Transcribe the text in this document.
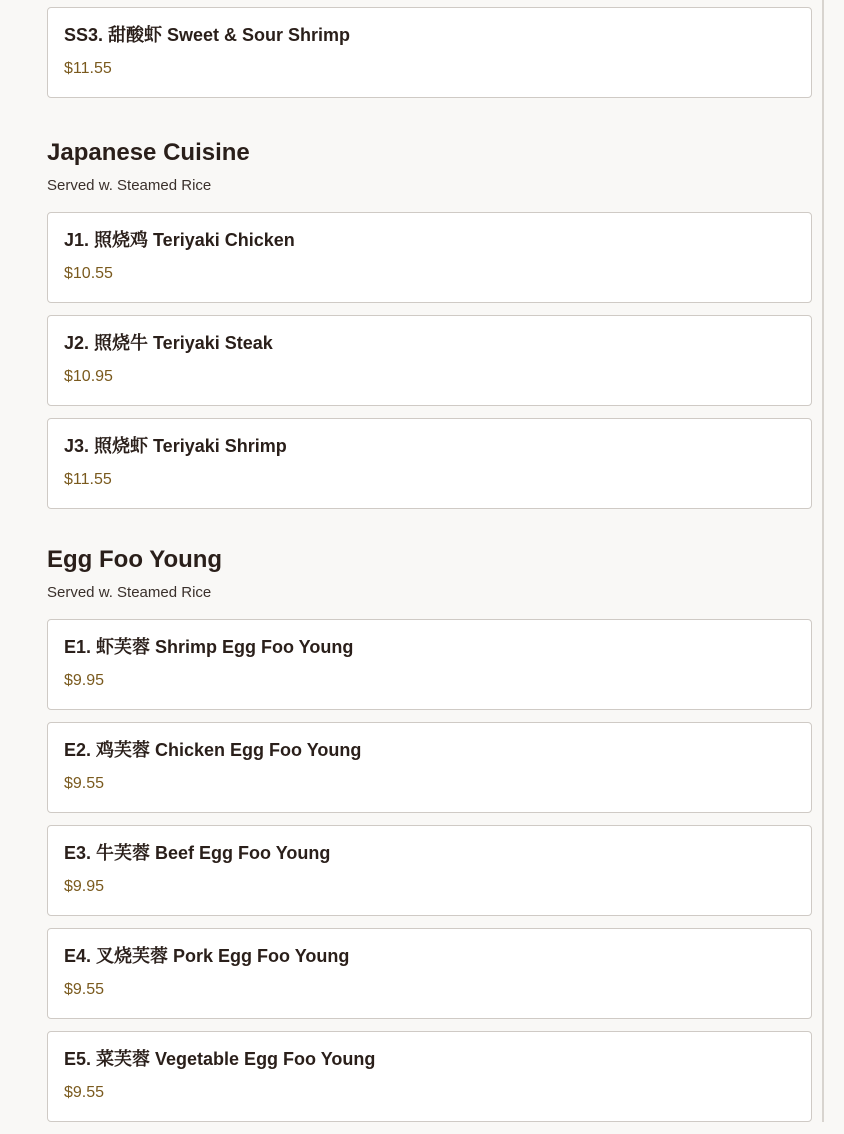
SS3. 甜酸虾 Sweet & Sour Shrimp
$11.55
Japanese Cuisine
Served w. Steamed Rice
J1. 照烧鸡 Teriyaki Chicken
$10.55
J2. 照烧牛 Teriyaki Steak
$10.95
J3. 照烧虾 Teriyaki Shrimp
$11.55
Egg Foo Young
Served w. Steamed Rice
E1. 虾芙蓉 Shrimp Egg Foo Young
$9.95
E2. 鸡芙蓉 Chicken Egg Foo Young
$9.55
E3. 牛芙蓉 Beef Egg Foo Young
$9.95
E4. 叉烧芙蓉 Pork Egg Foo Young
$9.55
E5. 菜芙蓉 Vegetable Egg Foo Young
$9.55
